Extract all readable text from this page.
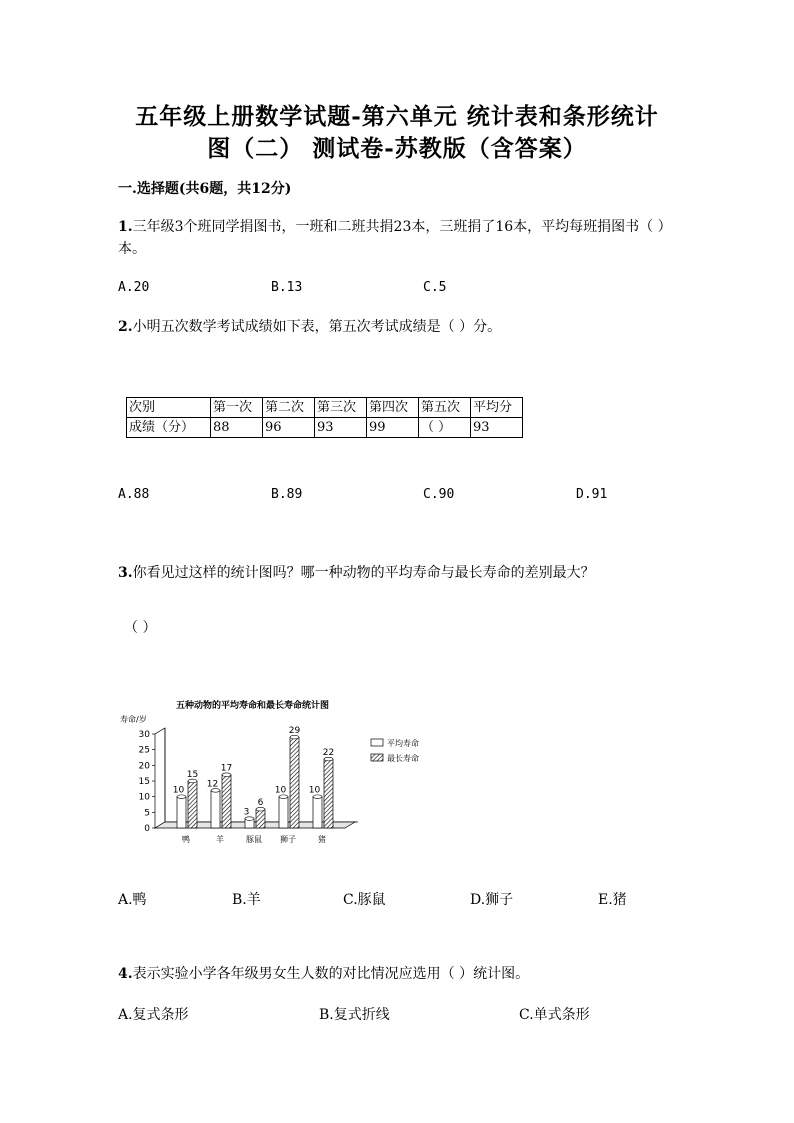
五年级上册数学试题-第六单元 统计表和条形统计
图（二） 测试卷-苏教版（含答案）
一.选择题(共6题，共12分)
1.三年级3个班同学捐图书，一班和二班共捐23本，三班捐了16本，平均每班捐图书（ ）本。
A.20	B.13	C.5
2.小明五次数学考试成绩如下表，第五次考试成绩是（ ）分。
次别	第一次	第二次	第三次	第四次	第五次	平均分
成绩（分）	88	96	93	99	（ ）	93
A.88	B.89	C.90	D.91
3.你看见过这样的统计图吗？哪一种动物的平均寿命与最长寿命的差别最大？
（ ）
五种动物的平均寿命和最长寿命统计图
0
5
10
15
20
25
30
寿命/岁
10
15
鸭
12
17
羊
3
6
豚鼠
10
29
狮子
10
22
猪
平均寿命
最长寿命
A.鸭	B.羊	C.豚鼠	D.狮子	E.猪
4.表示实验小学各年级男女生人数的对比情况应选用（ ）统计图。
A.复式条形	B.复式折线	C.单式条形
